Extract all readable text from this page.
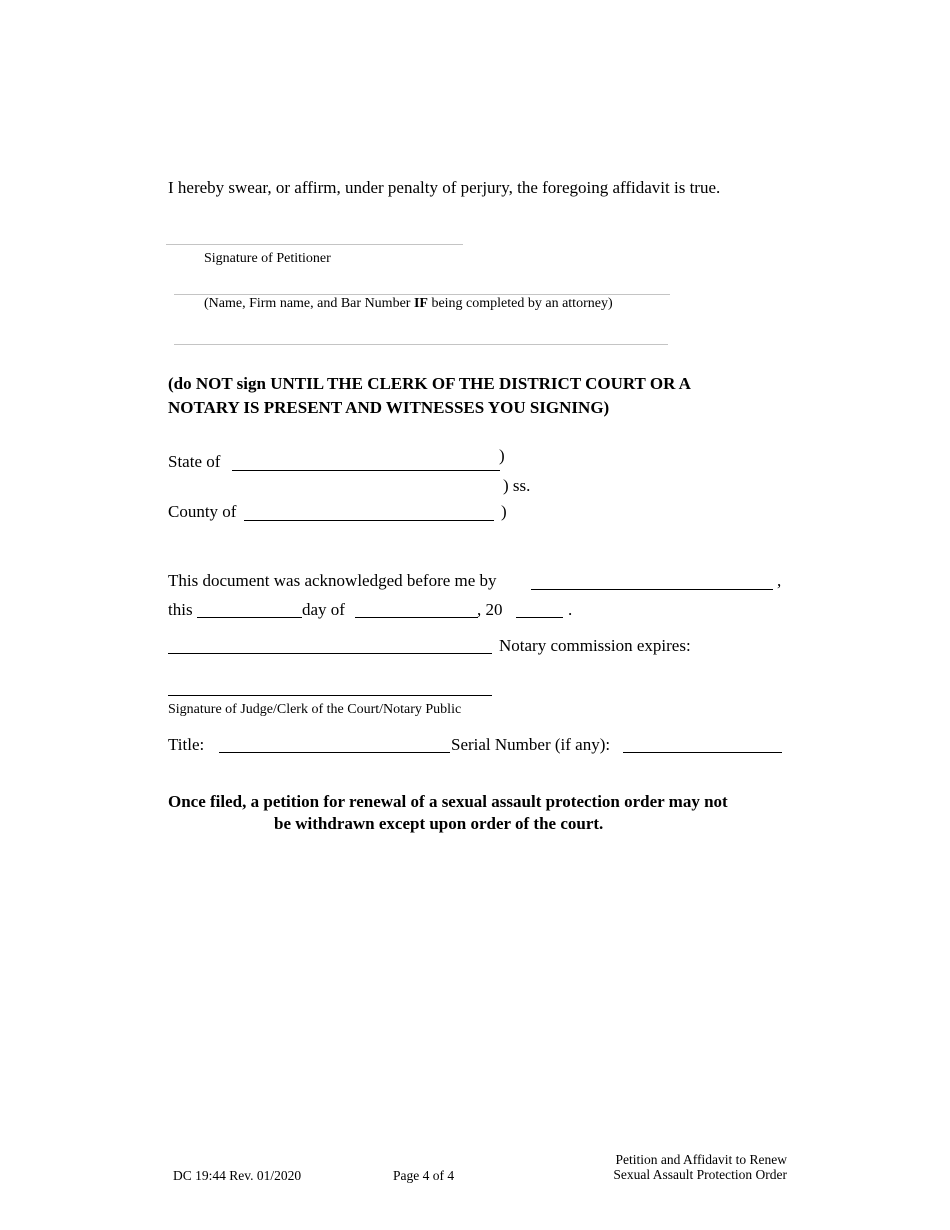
I hereby swear, or affirm, under penalty of perjury, the foregoing affidavit is true.
Signature of Petitioner
(Name, Firm name, and Bar Number IF being completed by an attorney)
(do NOT sign UNTIL THE CLERK OF THE DISTRICT COURT OR A
NOTARY IS PRESENT AND WITNESSES YOU SIGNING)
State of	)
) ss.
County of	)
This document was acknowledged before me by	,
this	day of	, 20	.
Notary commission expires:
Signature of Judge/Clerk of the Court/Notary Public
Title:	Serial Number (if any):
Once filed, a petition for renewal of a sexual assault protection order may not
be withdrawn except upon order of the court.
DC 19:44 Rev. 01/2020	Page 4 of 4
Petition and Affidavit to Renew
Sexual Assault Protection Order
